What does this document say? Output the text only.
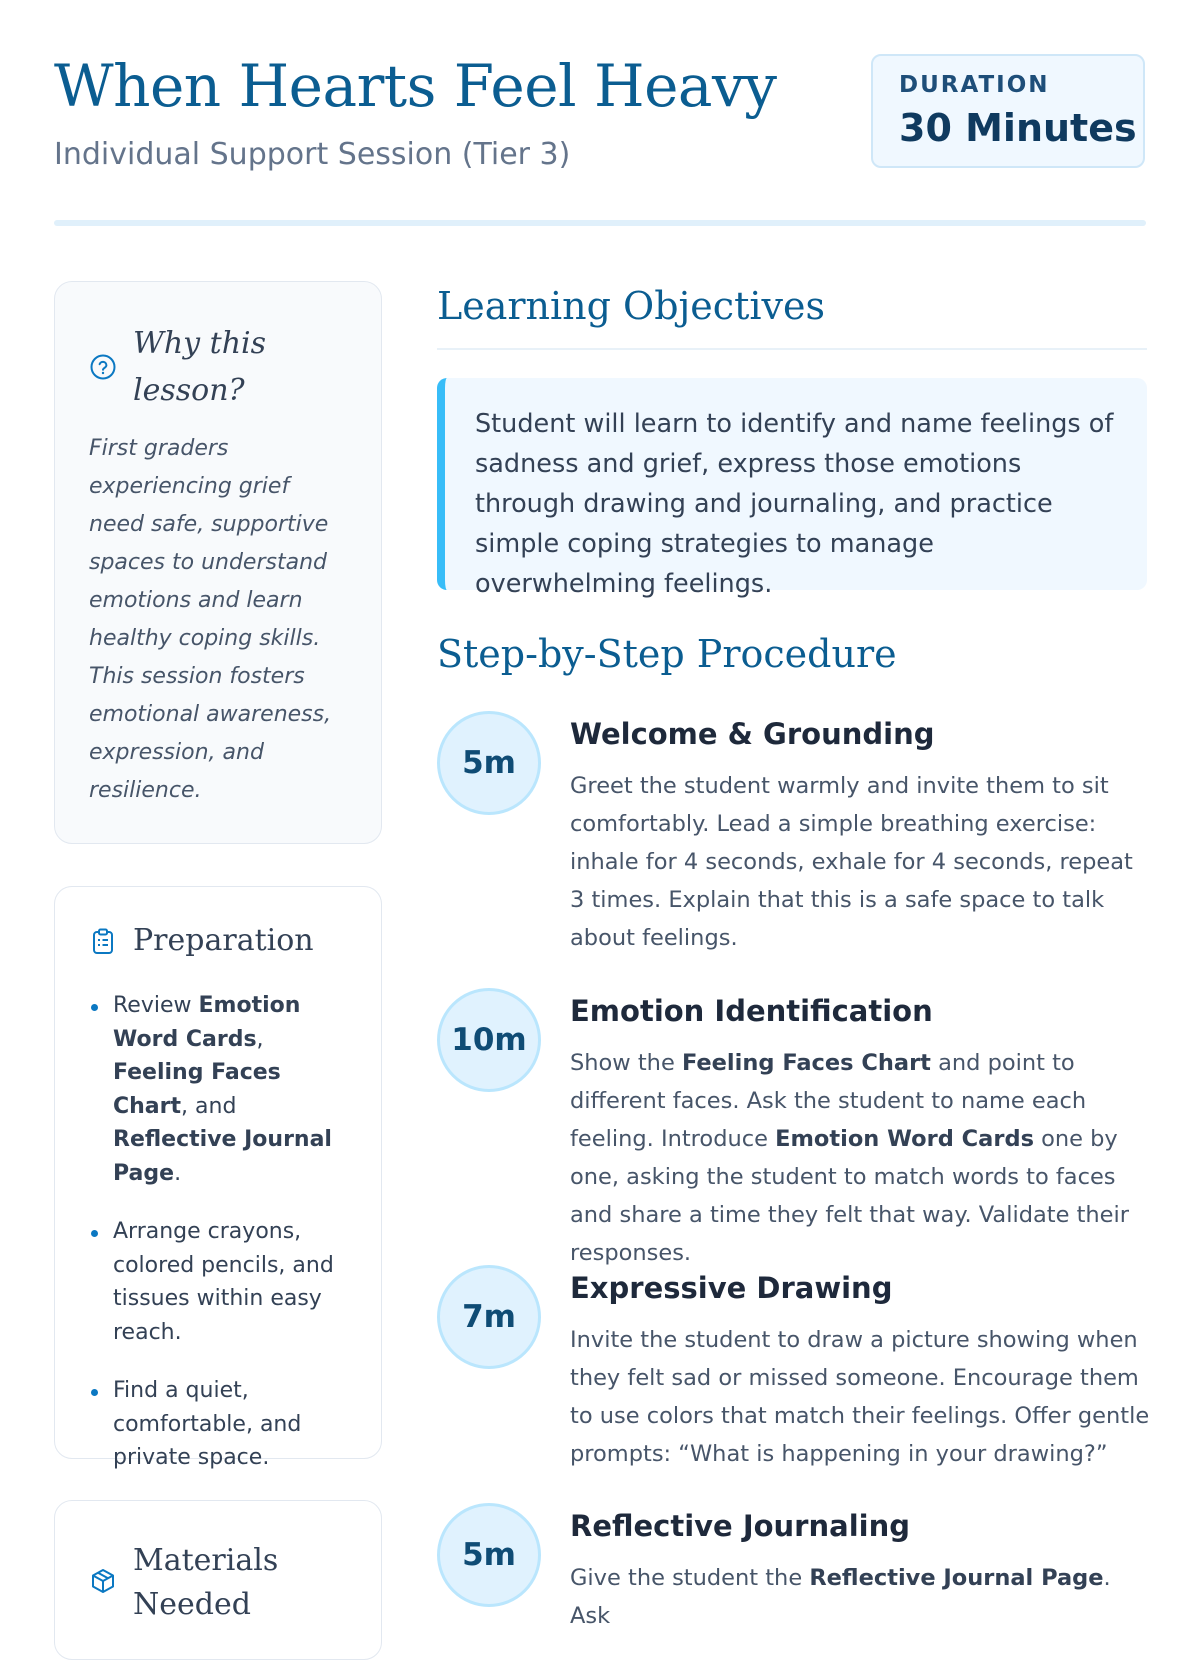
When Hearts Feel Heavy

Individual Support Session (Tier 3)

DURATION
30 Minutes
Why this lesson?
First graders experiencing grief need safe, supportive spaces to understand emotions and learn healthy coping skills. This session fosters emotional awareness, expression, and resilience.
Preparation
Review Emotion Word Cards, Feeling Faces Chart, and Reflective Journal Page.
Arrange crayons, colored pencils, and tissues within easy reach.
Find a quiet, comfortable, and private space.
Materials Needed
Learning Objectives
Student will learn to identify and name feelings of sadness and grief, express those emotions through drawing and journaling, and practice simple coping strategies to manage overwhelming feelings.
Step-by-Step Procedure
5m
Welcome & Grounding
Greet the student warmly and invite them to sit comfortably. Lead a simple breathing exercise: inhale for 4 seconds, exhale for 4 seconds, repeat 3 times. Explain that this is a safe space to talk about feelings.
10m
Emotion Identification
Show the Feeling Faces Chart and point to different faces. Ask the student to name each feeling. Introduce Emotion Word Cards one by one, asking the student to match words to faces and share a time they felt that way. Validate their responses.
7m
Expressive Drawing
Invite the student to draw a picture showing when they felt sad or missed someone. Encourage them to use colors that match their feelings. Offer gentle prompts: “What is happening in your drawing?”
5m
Reflective Journaling
Give the student the Reflective Journal Page. Ask
